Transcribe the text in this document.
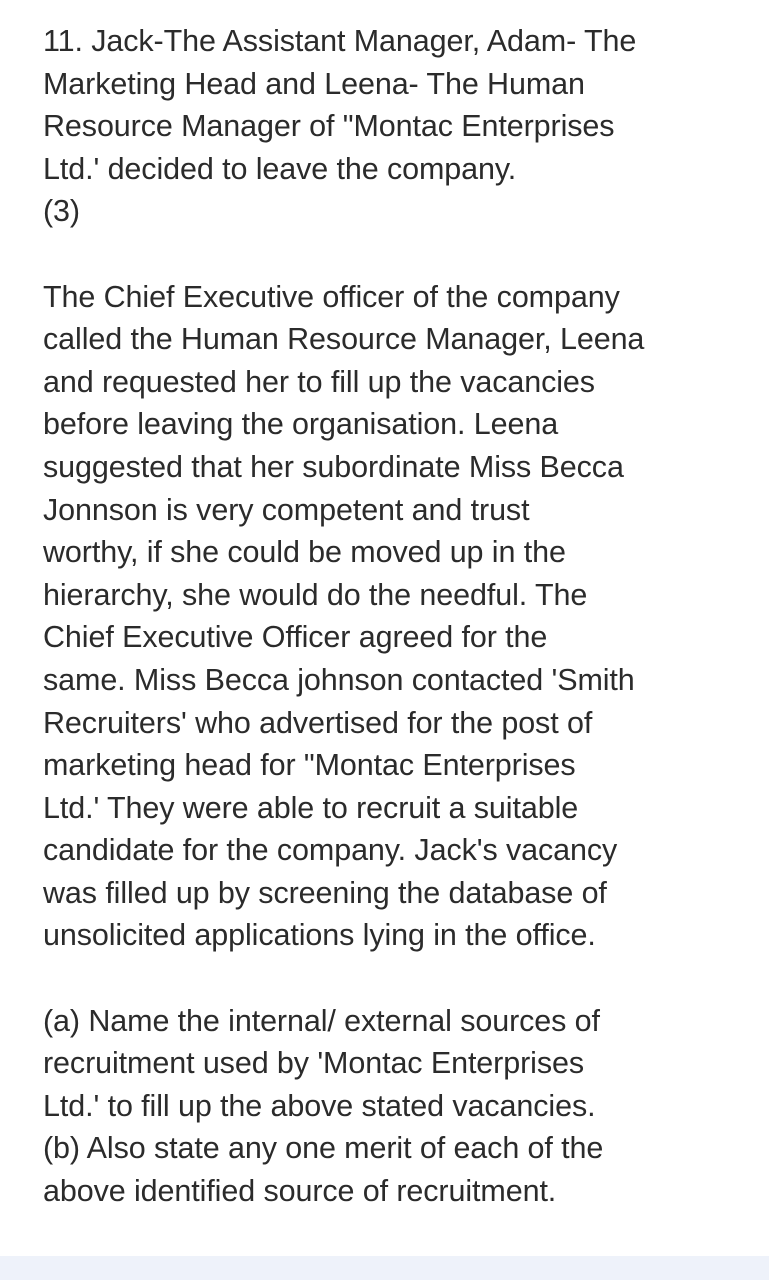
11. Jack-The Assistant Manager, Adam- The

Marketing Head and Leena- The Human

Resource Manager of "Montac Enterprises

Ltd.' decided to leave the company.

(3)

The Chief Executive officer of the company

called the Human Resource Manager, Leena

and requested her to fill up the vacancies

before leaving the organisation. Leena

suggested that her subordinate Miss Becca

Jonnson is very competent and trust

worthy, if she could be moved up in the

hierarchy, she would do the needful. The

Chief Executive Officer agreed for the

same. Miss Becca johnson contacted 'Smith

Recruiters' who advertised for the post of

marketing head for "Montac Enterprises

Ltd.' They were able to recruit a suitable

candidate for the company. Jack's vacancy

was filled up by screening the database of

unsolicited applications lying in the office.

(a) Name the internal/ external sources of

recruitment used by 'Montac Enterprises

Ltd.' to fill up the above stated vacancies.

(b) Also state any one merit of each of the

above identified source of recruitment.
